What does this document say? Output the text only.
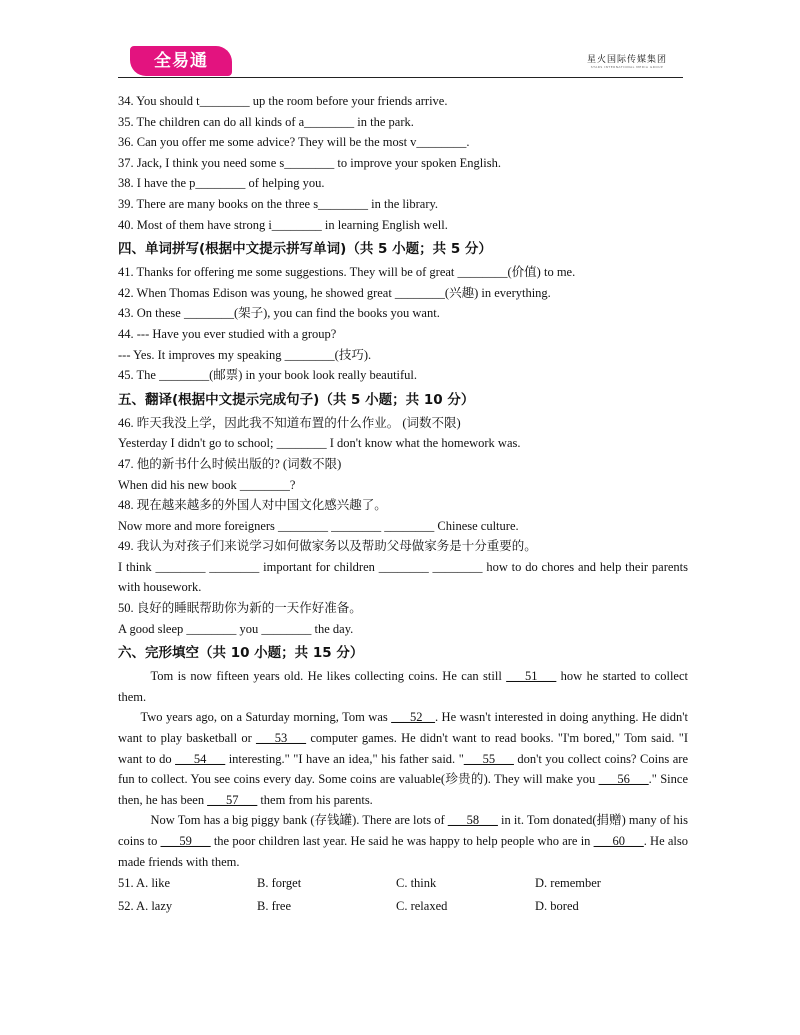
全易通 ✦	星火国际传媒集团
STARS INTERNATIONAL MEDIA GROUP
34. You should t________ up the room before your friends arrive.
35. The children can do all kinds of a________ in the park.
36. Can you offer me some advice? They will be the most v________.
37. Jack, I think you need some s________ to improve your spoken English.
38. I have the p________ of helping you.
39. There are many books on the three s________ in the library.
40. Most of them have strong i________ in learning English well.
四、单词拼写(根据中文提示拼写单词)（共 5 小题；共 5 分）
41. Thanks for offering me some suggestions. They will be of great ________(价值) to me.
42. When Thomas Edison was young, he showed great ________(兴趣) in everything.
43. On these ________(架子), you can find the books you want.
44. --- Have you ever studied with a group?
--- Yes. It improves my speaking ________(技巧).
45. The ________(邮票) in your book look really beautiful.
五、翻译(根据中文提示完成句子)（共 5 小题；共 10 分）
46. 昨天我没上学，因此我不知道布置的什么作业。 (词数不限)
Yesterday I didn't go to school; ________ I don't know what the homework was.
47. 他的新书什么时候出版的? (词数不限)
When did his new book ________?
48. 现在越来越多的外国人对中国文化感兴趣了。
Now more and more foreigners ________ ________ ________ Chinese culture.
49. 我认为对孩子们来说学习如何做家务以及帮助父母做家务是十分重要的。
I think ________ ________ important for children ________ ________ how to do chores and help their parents with housework.
50. 良好的睡眠帮助你为新的一天作好准备。
A good sleep ________ you ________ the day.
六、完形填空（共 10 小题；共 15 分）
Tom is now fifteen years old. He likes collecting coins. He can still ___51___ how he started to collect them.
Two years ago, on a Saturday morning, Tom was ___52__. He wasn't interested in doing anything. He didn't want to play basketball or ___53___ computer games. He didn't want to read books. "I'm bored," Tom said. "I want to do ___54___ interesting." "I have an idea," his father said. "___55___ don't you collect coins? Coins are fun to collect. You see coins every day. Some coins are valuable(珍贵的). They will make you ___56___." Since then, he has been ___57___ them from his parents.
Now Tom has a big piggy bank (存钱罐). There are lots of ___58___ in it. Tom donated(捐赠) many of his coins to ___59___ the poor children last year. He said he was happy to help people who are in ___60___. He also made friends with them.
51. A. like	B. forget	C. think	D. remember
52. A. lazy	B. free	C. relaxed	D. bored
